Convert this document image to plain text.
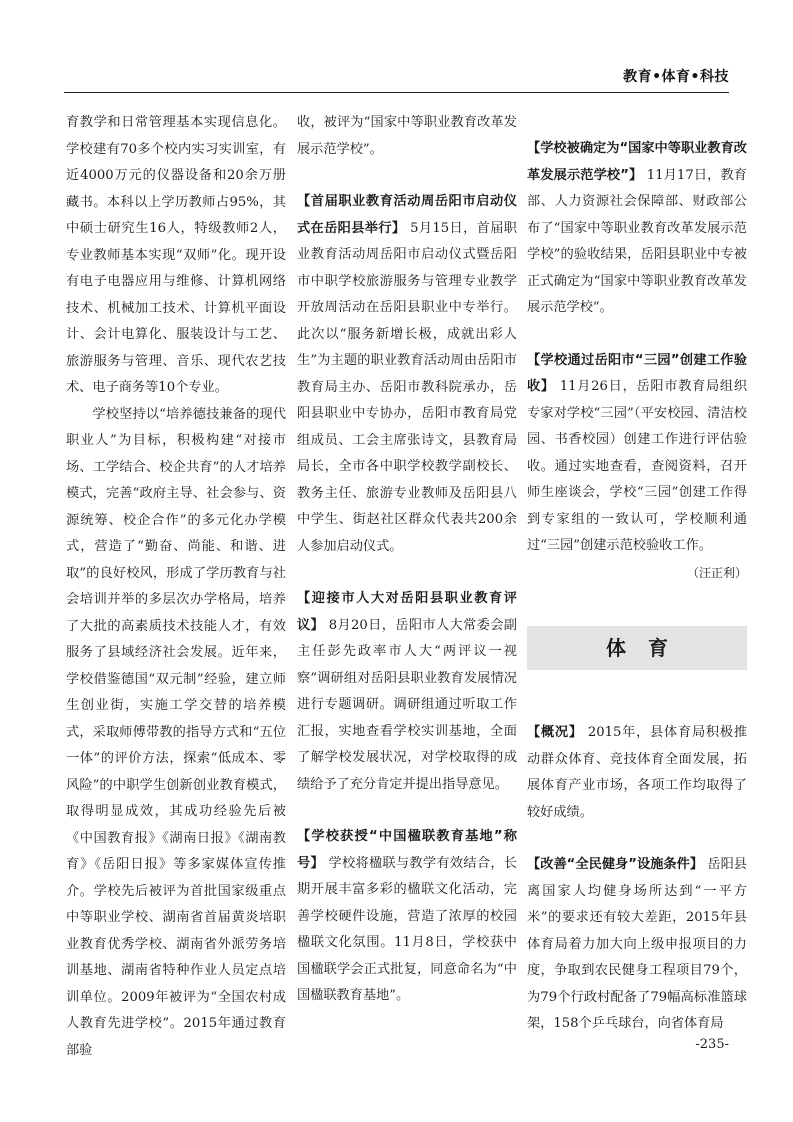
教育•体育•科技

育教学和日常管理基本实现信息化。学校建有70多个校内实习实训室，有近4000万元的仪器设备和20余万册藏书。本科以上学历教师占95%，其中硕士研究生16人，特级教师2人，专业教师基本实现“双师”化。现开设有电子电器应用与维修、计算机网络技术、机械加工技术、计算机平面设计、会计电算化、服装设计与工艺、旅游服务与管理、音乐、现代农艺技术、电子商务等10个专业。

学校坚持以“培养德技兼备的现代职业人”为目标，积极构建“对接市场、工学结合、校企共育”的人才培养模式，完善“政府主导、社会参与、资源统筹、校企合作”的多元化办学模式，营造了“勤奋、尚能、和谐、进取”的良好校风，形成了学历教育与社会培训并举的多层次办学格局，培养了大批的高素质技术技能人才，有效服务了县域经济社会发展。近年来，学校借鉴德国“双元制”经验，建立师生创业街，实施工学交替的培养模式，采取师傅带教的指导方式和“五位一体”的评价方法，探索“低成本、零风险”的中职学生创新创业教育模式，取得明显成效，其成功经验先后被《中国教育报》《湖南日报》《湖南教育》《岳阳日报》等多家媒体宣传推介。学校先后被评为首批国家级重点中等职业学校、湖南省首届黄炎培职业教育优秀学校、湖南省外派劳务培训基地、湖南省特种作业人员定点培训单位。2009年被评为“全国农村成人教育先进学校”。2015年通过教育部验

收，被评为“国家中等职业教育改革发展示范学校”。

【首届职业教育活动周岳阳市启动仪式在岳阳县举行】 5月15日，首届职业教育活动周岳阳市启动仪式暨岳阳市中职学校旅游服务与管理专业教学开放周活动在岳阳县职业中专举行。此次以“服务新增长极，成就出彩人生”为主题的职业教育活动周由岳阳市教育局主办、岳阳市教科院承办，岳阳县职业中专协办，岳阳市教育局党组成员、工会主席张诗文，县教育局局长，全市各中职学校教学副校长、教务主任、旅游专业教师及岳阳县八中学生、街赵社区群众代表共200余人参加启动仪式。

【迎接市人大对岳阳县职业教育评议】 8月20日，岳阳市人大常委会副主任彭先政率市人大“两评议一视察”调研组对岳阳县职业教育发展情况进行专题调研。调研组通过听取工作汇报，实地查看学校实训基地，全面了解学校发展状况，对学校取得的成绩给予了充分肯定并提出指导意见。

【学校获授“中国楹联教育基地”称号】 学校将楹联与教学有效结合，长期开展丰富多彩的楹联文化活动，完善学校硬件设施，营造了浓厚的校园楹联文化氛围。11月8日，学校获中国楹联学会正式批复，同意命名为“中国楹联教育基地”。

【学校被确定为“国家中等职业教育改革发展示范学校”】 11月17日，教育部、人力资源社会保障部、财政部公布了“国家中等职业教育改革发展示范学校”的验收结果，岳阳县职业中专被正式确定为“国家中等职业教育改革发展示范学校”。

【学校通过岳阳市“三园”创建工作验收】 11月26日，岳阳市教育局组织专家对学校“三园”（平安校园、清洁校园、书香校园）创建工作进行评估验收。通过实地查看，查阅资料，召开师生座谈会，学校“三园”创建工作得到专家组的一致认可，学校顺利通过“三园”创建示范校验收工作。

（汪正利）

体育

【概况】 2015年，县体育局积极推动群众体育、竞技体育全面发展，拓展体育产业市场，各项工作均取得了较好成绩。

【改善“全民健身”设施条件】 岳阳县离国家人均健身场所达到“一平方米”的要求还有较大差距，2015年县体育局着力加大向上级申报项目的力度，争取到农民健身工程项目79个，为79个行政村配备了79幅高标准篮球架，158个乒乓球台，向省体育局

-235-
